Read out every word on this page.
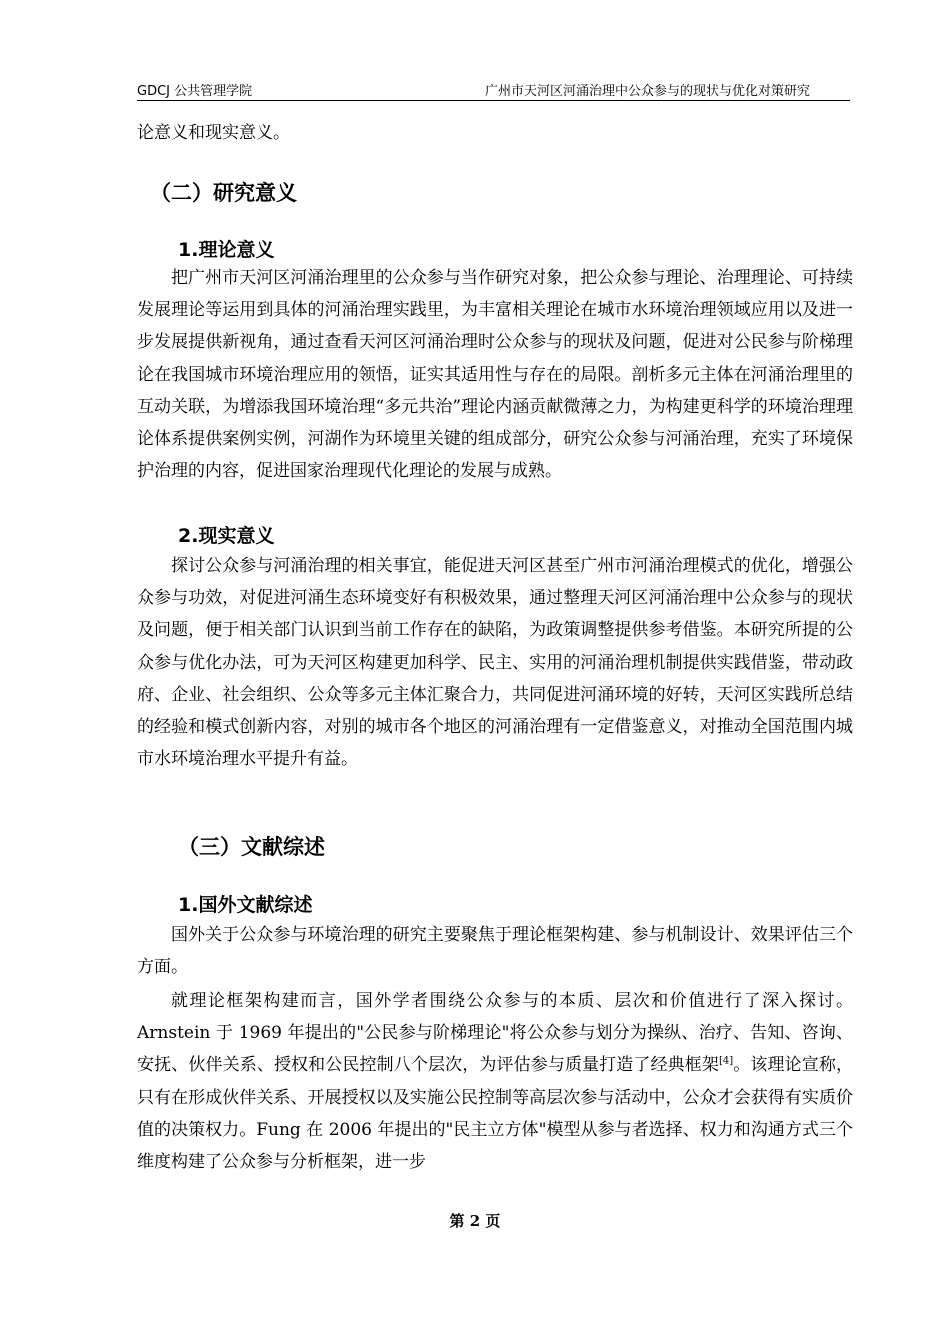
GDCJ 公共管理学院	广州市天河区河涌治理中公众参与的现状与优化对策研究

论意义和现实意义。

（二）研究意义
1.理论意义

把广州市天河区河涌治理里的公众参与当作研究对象，把公众参与理论、治理理论、可持续发展理论等运用到具体的河涌治理实践里，为丰富相关理论在城市水环境治理领域应用以及进一步发展提供新视角，通过查看天河区河涌治理时公众参与的现状及问题，促进对公民参与阶梯理论在我国城市环境治理应用的领悟，证实其适用性与存在的局限。剖析多元主体在河涌治理里的互动关联，为增添我国环境治理“多元共治”理论内涵贡献微薄之力，为构建更科学的环境治理理论体系提供案例实例，河湖作为环境里关键的组成部分，研究公众参与河涌治理，充实了环境保护治理的内容，促进国家治理现代化理论的发展与成熟。

2.现实意义

探讨公众参与河涌治理的相关事宜，能促进天河区甚至广州市河涌治理模式的优化，增强公众参与功效，对促进河涌生态环境变好有积极效果，通过整理天河区河涌治理中公众参与的现状及问题，便于相关部门认识到当前工作存在的缺陷，为政策调整提供参考借鉴。本研究所提的公众参与优化办法，可为天河区构建更加科学、民主、实用的河涌治理机制提供实践借鉴，带动政府、企业、社会组织、公众等多元主体汇聚合力，共同促进河涌环境的好转，天河区实践所总结的经验和模式创新内容，对别的城市各个地区的河涌治理有一定借鉴意义，对推动全国范围内城市水环境治理水平提升有益。

（三）文献综述
1.国外文献综述

国外关于公众参与环境治理的研究主要聚焦于理论框架构建、参与机制设计、效果评估三个方面。

就理论框架构建而言，国外学者围绕公众参与的本质、层次和价值进行了深入探讨。Arnstein 于 1969 年提出的"公民参与阶梯理论"将公众参与划分为操纵、治疗、告知、咨询、安抚、伙伴关系、授权和公民控制八个层次，为评估参与质量打造了经典框架[4]。该理论宣称，只有在形成伙伴关系、开展授权以及实施公民控制等高层次参与活动中，公众才会获得有实质价值的决策权力。Fung 在 2006 年提出的"民主立方体"模型从参与者选择、权力和沟通方式三个维度构建了公众参与分析框架，进一步

第 2 页
